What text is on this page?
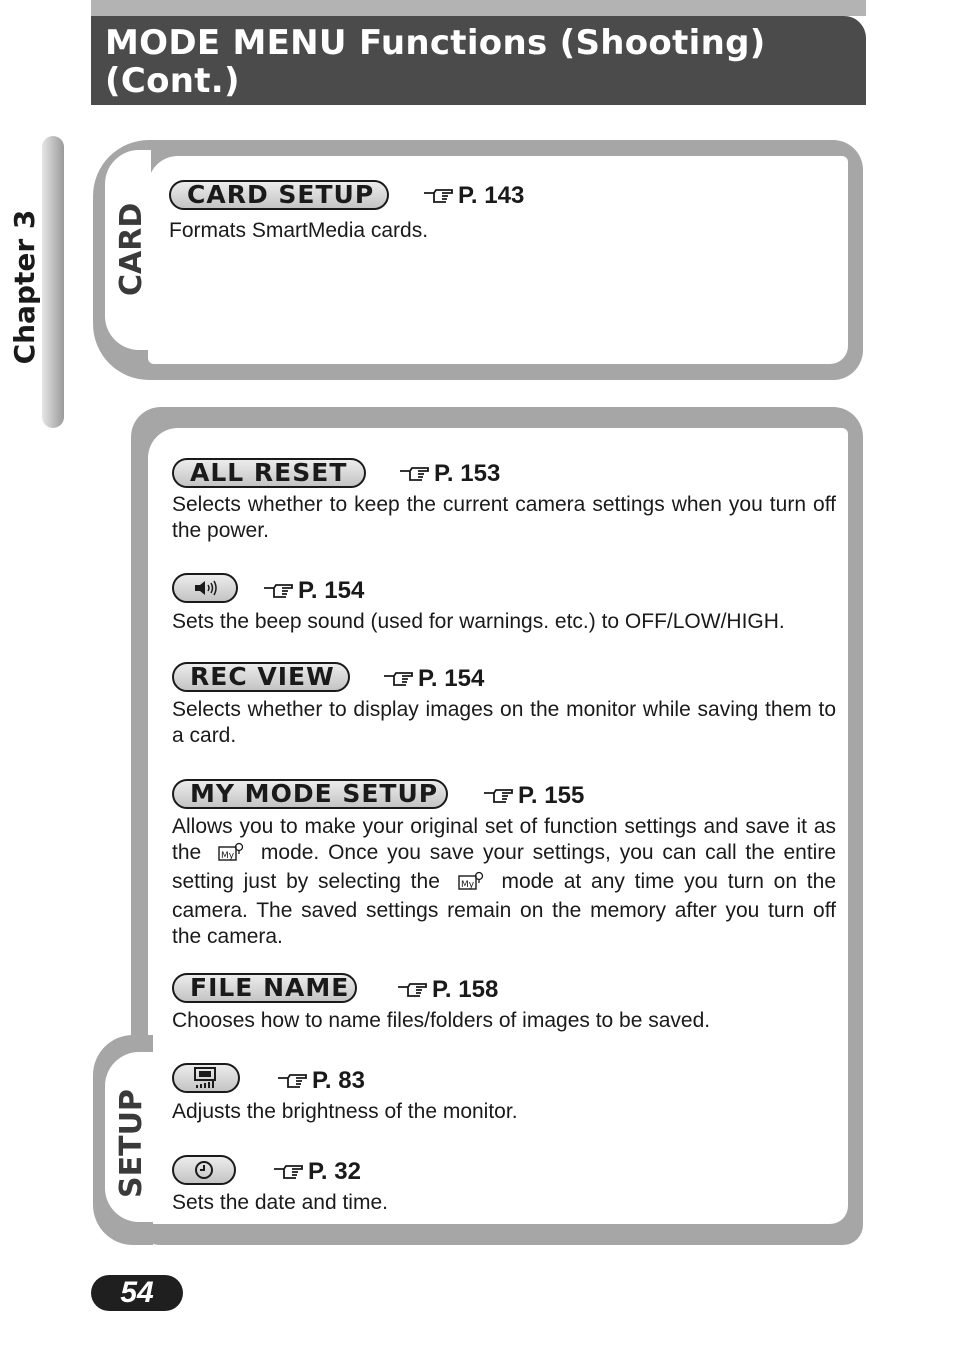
MODE MENU Functions (Shooting) (Cont.)
Chapter 3 CARD
CARD SETUP	P. 143
Formats SmartMedia cards.
SETUP
ALL RESET	P. 153
Selects whether to keep the current camera settings when you turn off the power.
P. 154
Sets the beep sound (used for warnings. etc.) to OFF/LOW/HIGH.
REC VIEW	P. 154
Selects whether to display images on the monitor while saving them to a card.
MY MODE SETUP	P. 155
Allows you to make your original set of function settings and save it as the My mode. Once you save your settings, you can call the entire setting just by selecting the My mode at any time you turn on the camera. The saved settings remain on the memory after you turn off the camera.
FILE NAME	P. 158
Chooses how to name files/folders of images to be saved.
P. 83
Adjusts the brightness of the monitor.
P. 32
Sets the date and time.
54
